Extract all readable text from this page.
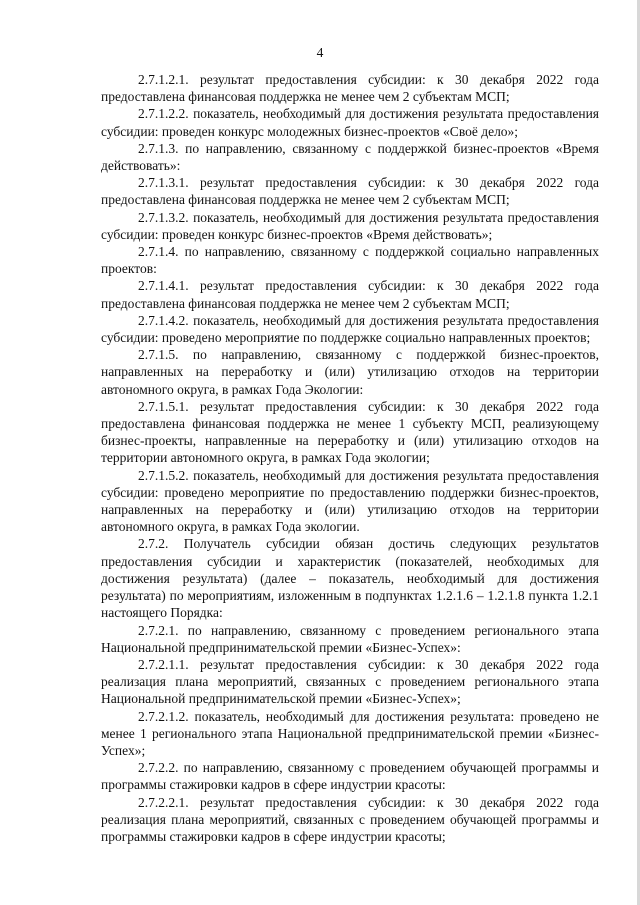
4

2.7.1.2.1. результат предоставления субсидии: к 30 декабря 2022 года предоставлена финансовая поддержка не менее чем 2 субъектам МСП;

2.7.1.2.2. показатель, необходимый для достижения результата предоставления субсидии: проведен конкурс молодежных бизнес-проектов «Своё дело»;

2.7.1.3. по направлению, связанному с поддержкой бизнес-проектов «Время действовать»:

2.7.1.3.1. результат предоставления субсидии: к 30 декабря 2022 года предоставлена финансовая поддержка не менее чем 2 субъектам МСП;

2.7.1.3.2. показатель, необходимый для достижения результата предоставления субсидии: проведен конкурс бизнес-проектов «Время действовать»;

2.7.1.4. по направлению, связанному с поддержкой социально направленных проектов:

2.7.1.4.1. результат предоставления субсидии: к 30 декабря 2022 года предоставлена финансовая поддержка не менее чем 2 субъектам МСП;

2.7.1.4.2. показатель, необходимый для достижения результата предоставления субсидии: проведено мероприятие по поддержке социально направленных проектов;

2.7.1.5. по направлению, связанному с поддержкой бизнес-проектов, направленных на переработку и (или) утилизацию отходов на территории автономного округа, в рамках Года Экологии:

2.7.1.5.1. результат предоставления субсидии: к 30 декабря 2022 года предоставлена финансовая поддержка не менее 1 субъекту МСП, реализующему бизнес-проекты, направленные на переработку и (или) утилизацию отходов на территории автономного округа, в рамках Года экологии;

2.7.1.5.2. показатель, необходимый для достижения результата предоставления субсидии: проведено мероприятие по предоставлению поддержки бизнес-проектов, направленных на переработку и (или) утилизацию отходов на территории автономного округа, в рамках Года экологии.

2.7.2. Получатель субсидии обязан достичь следующих результатов предоставления субсидии и характеристик (показателей, необходимых для достижения результата) (далее – показатель, необходимый для достижения результата) по мероприятиям, изложенным в подпунктах 1.2.1.6 – 1.2.1.8 пункта 1.2.1 настоящего Порядка:

2.7.2.1. по направлению, связанному с проведением регионального этапа Национальной предпринимательской премии «Бизнес-Успех»:

2.7.2.1.1. результат предоставления субсидии: к 30 декабря 2022 года реализация плана мероприятий, связанных с проведением регионального этапа Национальной предпринимательской премии «Бизнес-Успех»;

2.7.2.1.2. показатель, необходимый для достижения результата: проведено не менее 1 регионального этапа Национальной предпринимательской премии «Бизнес-Успех»;

2.7.2.2. по направлению, связанному с проведением обучающей программы и программы стажировки кадров в сфере индустрии красоты:

2.7.2.2.1. результат предоставления субсидии: к 30 декабря 2022 года реализация плана мероприятий, связанных с проведением обучающей программы и программы стажировки кадров в сфере индустрии красоты;
